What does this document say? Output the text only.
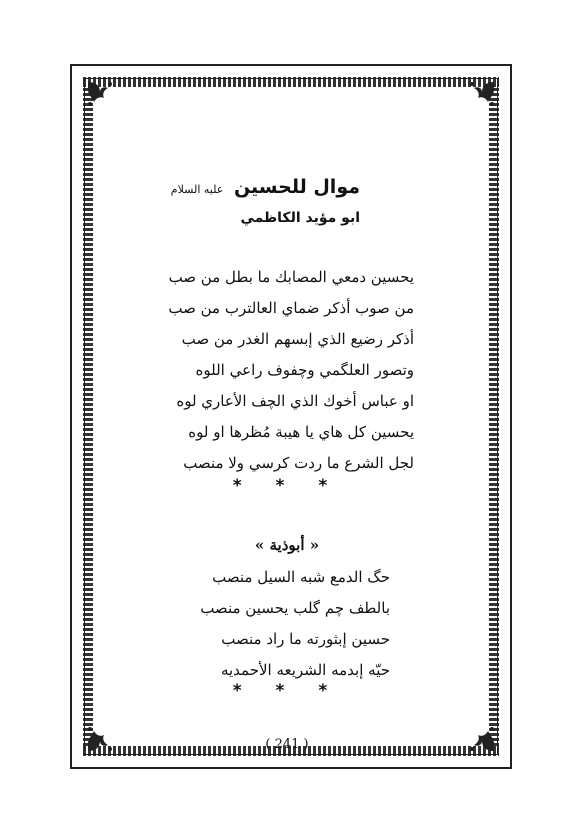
موال للحسين عليه السلام
ابو مؤيد الكاظمي
يحسين دمعي المصابك ما بطل من صب
من صوب أذكر ضماي العالترب من صب
أذكر رضيع الذي إبسهم الغدر من صب
وتصور العلگمي وچفوف راعي اللوه
او عباس أخوك الذي الچف الأعاري لوه
يحسين كل هاي يا هيبة مُظرها او لوه
لجل الشرع ما ردت كرسي ولا منصب
* * *
« أبوذية »
حگ الدمع شبه السيل منصب
بالطف چم گلب يحسين منصب
حسين إبثورته ما راد منصب
حيّه إبدمه الشريعه الأحمديه
* * *
( 241 )
